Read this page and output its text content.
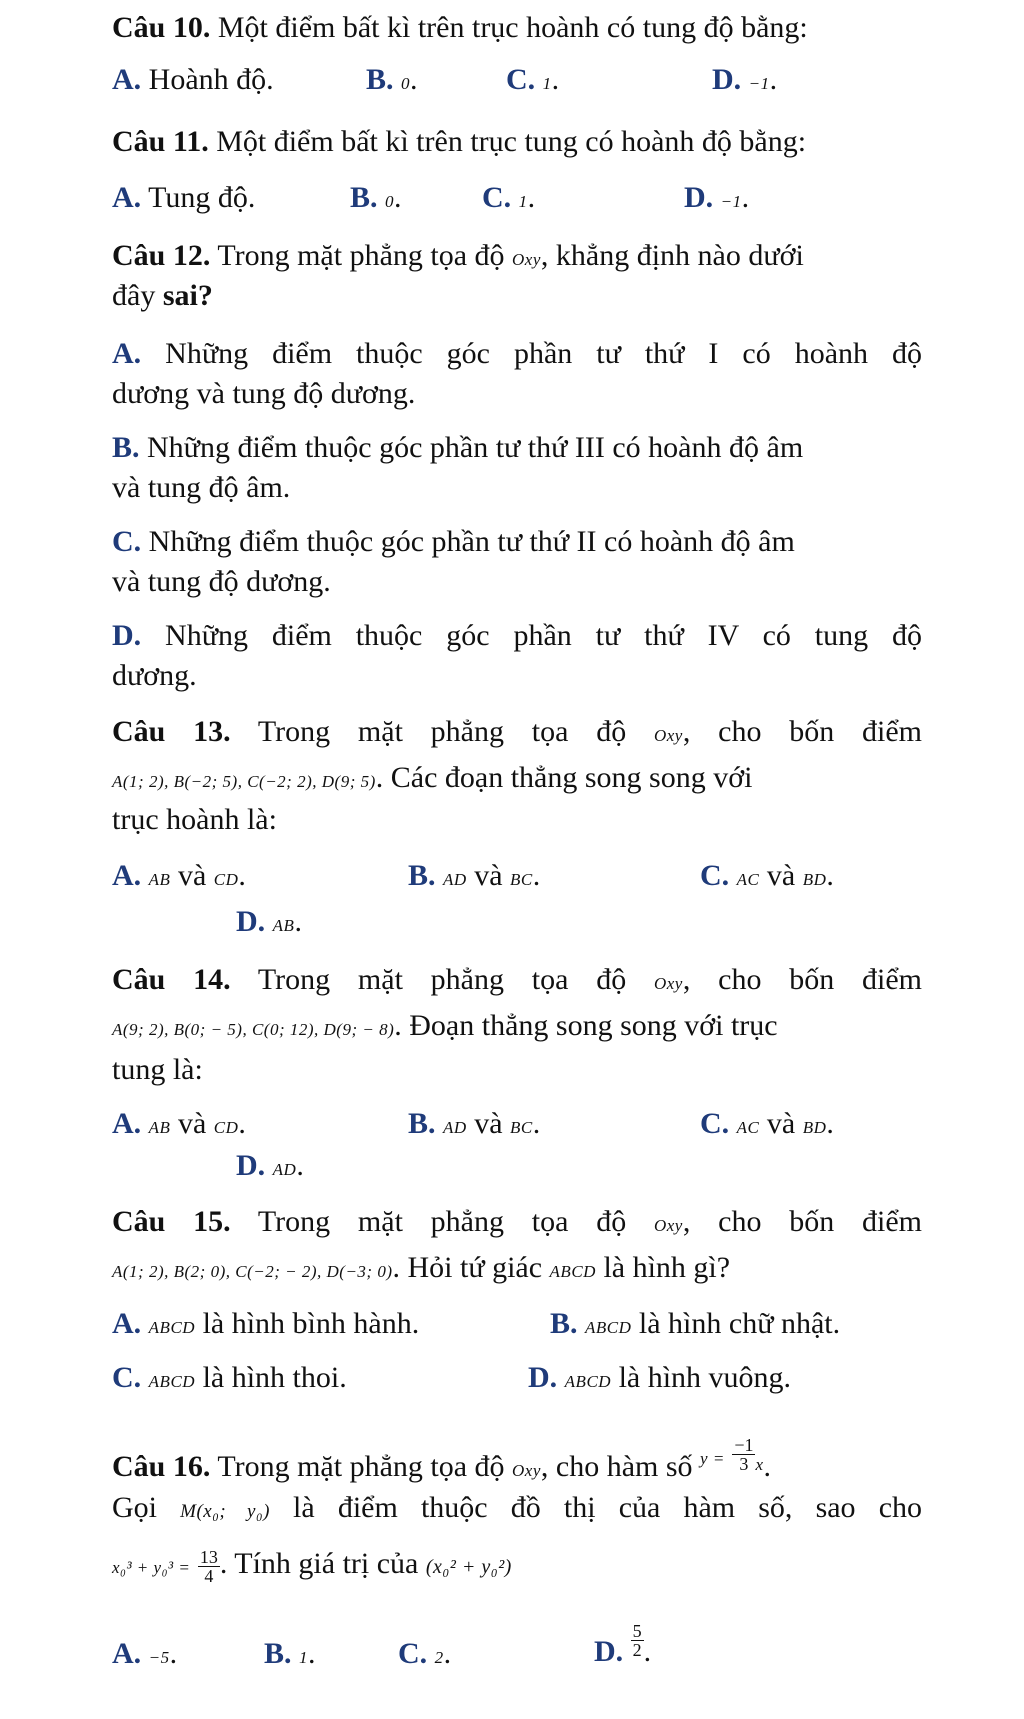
Câu 10. Một điểm bất kì trên trục hoành có tung độ bằng:
A. Hoành độ.	B. 0.	C. 1.	D. −1.
Câu 11. Một điểm bất kì trên trục tung có hoành độ bằng:
A. Tung độ.	B. 0.	C. 1.	D. −1.
Câu 12. Trong mặt phẳng tọa độ Oxy, khẳng định nào dưới
đây sai?
A. Những điểm thuộc góc phần tư thứ I có hoành độ
dương và tung độ dương.
B. Những điểm thuộc góc phần tư thứ III có hoành độ âm
và tung độ âm.
C. Những điểm thuộc góc phần tư thứ II có hoành độ âm
và tung độ dương.
D. Những điểm thuộc góc phần tư thứ IV có tung độ
dương.
Câu 13. Trong mặt phẳng tọa độ Oxy, cho bốn điểm
A(1; 2), B(−2; 5), C(−2; 2), D(9; 5). Các đoạn thẳng song song với
trục hoành là:
A. AB và CD.	B. AD và BC.	C. AC và BD.
D. AB.
Câu 14. Trong mặt phẳng tọa độ Oxy, cho bốn điểm
A(9; 2), B(0; − 5), C(0; 12), D(9; − 8). Đoạn thẳng song song với trục
tung là:
A. AB và CD.	B. AD và BC.	C. AC và BD.
D. AD.
Câu 15. Trong mặt phẳng tọa độ Oxy, cho bốn điểm
A(1; 2), B(2; 0), C(−2; − 2), D(−3; 0). Hỏi tứ giác ABCD là hình gì?
A. ABCD là hình bình hành.	B. ABCD là hình chữ nhật.
C. ABCD là hình thoi.	D. ABCD là hình vuông.
Câu 16. Trong mặt phẳng tọa độ Oxy, cho hàm số $^{y =} \frac{-1}{3} ^x$.
Gọi M(x₀; y₀) là điểm thuộc đồ thị của hàm số, sao cho
$x_0^3 + y_0^3 = \frac{13}{4}$ . Tính giá trị của (x₀² + y₀²)
A. −5.	B. 1.	C. 2.	D. $\frac{5}{2}$ .
